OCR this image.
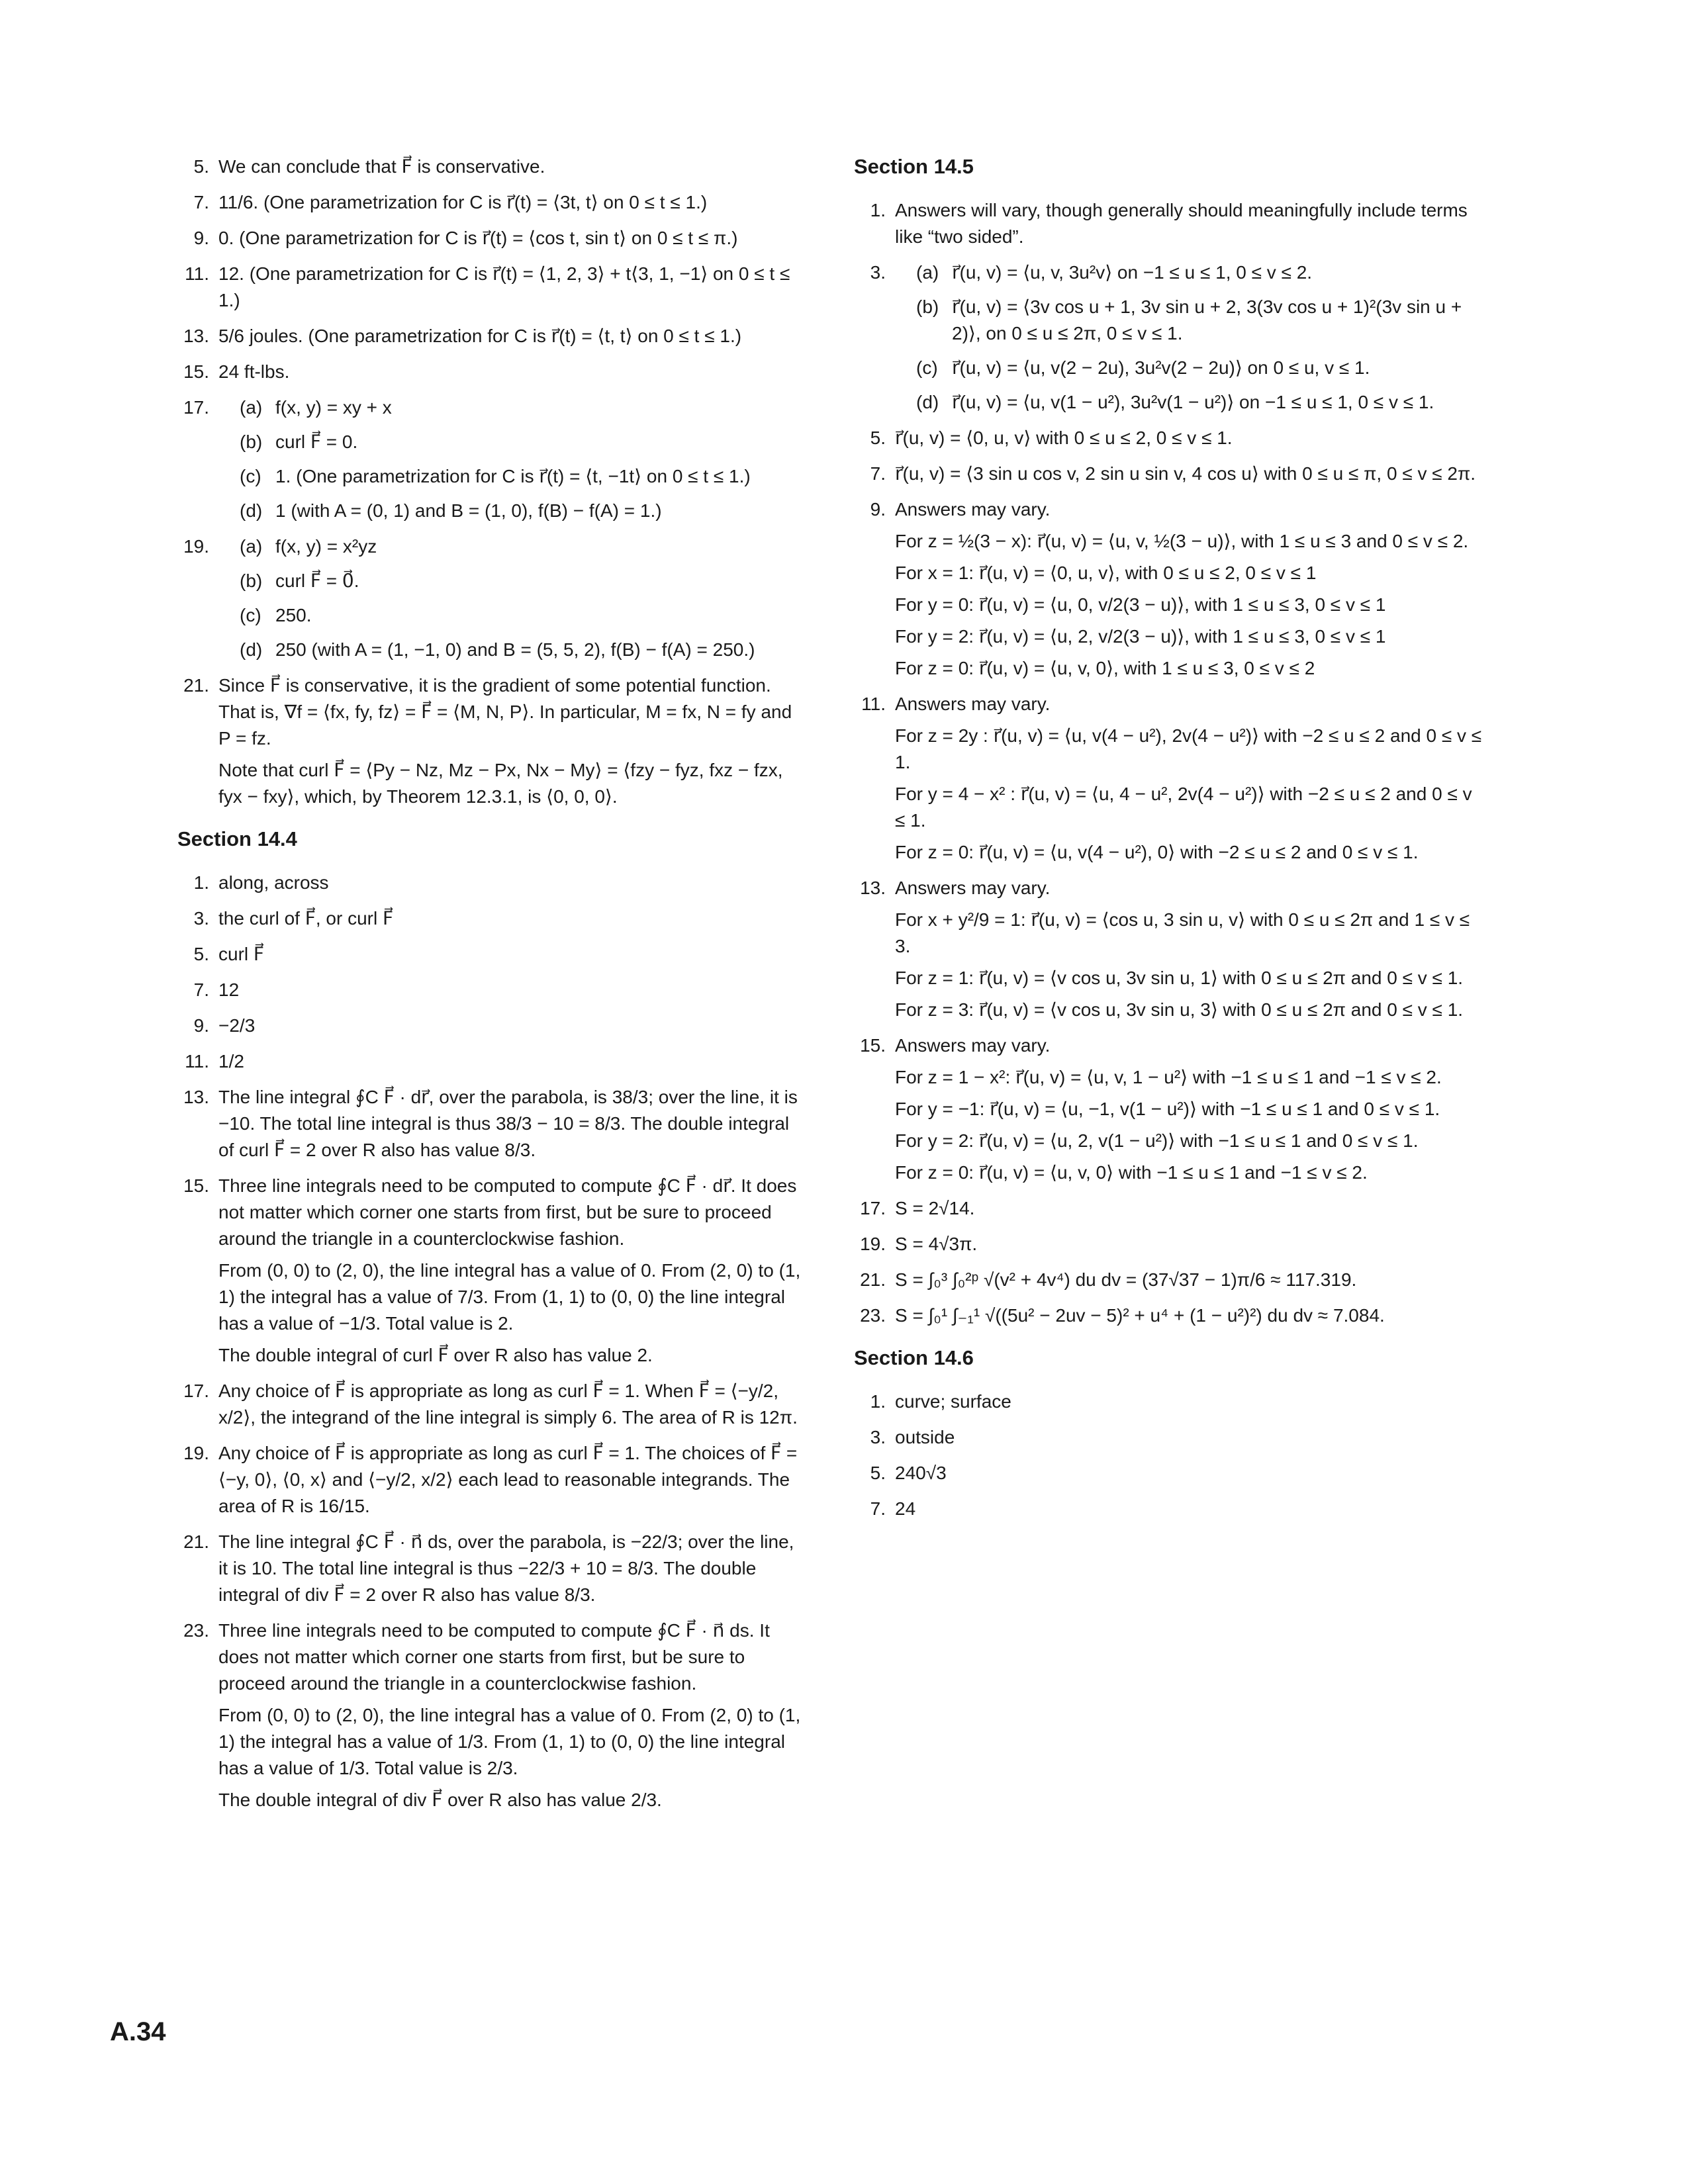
5. We can conclude that F⃗ is conservative.
7. 11/6. (One parametrization for C is r⃗(t) = ⟨3t, t⟩ on 0 ≤ t ≤ 1.)
9. 0. (One parametrization for C is r⃗(t) = ⟨cos t, sin t⟩ on 0 ≤ t ≤ π.)
11. 12. (One parametrization for C is r⃗(t) = ⟨1, 2, 3⟩ + t⟨3, 1, −1⟩ on 0 ≤ t ≤ 1.)
13. 5/6 joules. (One parametrization for C is r⃗(t) = ⟨t, t⟩ on 0 ≤ t ≤ 1.)
15. 24 ft-lbs.
17. (a) f(x, y) = xy + x
(b) curl F⃗ = 0.
(c) 1. (One parametrization for C is r⃗(t) = ⟨t, −1t⟩ on 0 ≤ t ≤ 1.)
(d) 1 (with A = (0, 1) and B = (1, 0), f(B) − f(A) = 1.)
19. (a) f(x, y) = x²yz
(b) curl F⃗ = 0⃗.
(c) 250.
(d) 250 (with A = (1, −1, 0) and B = (5, 5, 2), f(B) − f(A) = 250.)
21. Since F⃗ is conservative, it is the gradient of some potential function. That is, ∇f = ⟨fx, fy, fz⟩ = F⃗ = ⟨M, N, P⟩. In particular, M = fx, N = fy and P = fz.
Note that curl F⃗ = ⟨Py − Nz, Mz − Px, Nx − My⟩ = ⟨fzy − fyz, fxz − fzx, fyx − fxy⟩, which, by Theorem 12.3.1, is ⟨0, 0, 0⟩.
Section 14.4
1. along, across
3. the curl of F⃗, or curl F⃗
5. curl F⃗
7. 12
9. −2/3
11. 1/2
13. The line integral ∮C F⃗ · dr⃗, over the parabola, is 38/3; over the line, it is −10. The total line integral is thus 38/3 − 10 = 8/3. The double integral of curl F⃗ = 2 over R also has value 8/3.
15. Three line integrals need to be computed to compute ∮C F⃗ · dr⃗. It does not matter which corner one starts from first, but be sure to proceed around the triangle in a counterclockwise fashion.
From (0, 0) to (2, 0), the line integral has a value of 0. From (2, 0) to (1, 1) the integral has a value of 7/3. From (1, 1) to (0, 0) the line integral has a value of −1/3. Total value is 2.
The double integral of curl F⃗ over R also has value 2.
17. Any choice of F⃗ is appropriate as long as curl F⃗ = 1. When F⃗ = ⟨−y/2, x/2⟩, the integrand of the line integral is simply 6. The area of R is 12π.
19. Any choice of F⃗ is appropriate as long as curl F⃗ = 1. The choices of F⃗ = ⟨−y, 0⟩, ⟨0, x⟩ and ⟨−y/2, x/2⟩ each lead to reasonable integrands. The area of R is 16/15.
21. The line integral ∮C F⃗ · n⃗ ds, over the parabola, is −22/3; over the line, it is 10. The total line integral is thus −22/3 + 10 = 8/3. The double integral of div F⃗ = 2 over R also has value 8/3.
23. Three line integrals need to be computed to compute ∮C F⃗ · n⃗ ds. It does not matter which corner one starts from first, but be sure to proceed around the triangle in a counterclockwise fashion.
From (0, 0) to (2, 0), the line integral has a value of 0. From (2, 0) to (1, 1) the integral has a value of 1/3. From (1, 1) to (0, 0) the line integral has a value of 1/3. Total value is 2/3.
The double integral of div F⃗ over R also has value 2/3.
Section 14.5
1. Answers will vary, though generally should meaningfully include terms like “two sided”.
3. (a) r⃗(u, v) = ⟨u, v, 3u²v⟩ on −1 ≤ u ≤ 1, 0 ≤ v ≤ 2.
(b) r⃗(u, v) = ⟨3v cos u + 1, 3v sin u + 2, 3(3v cos u + 1)²(3v sin u + 2)⟩, on 0 ≤ u ≤ 2π, 0 ≤ v ≤ 1.
(c) r⃗(u, v) = ⟨u, v(2 − 2u), 3u²v(2 − 2u)⟩ on 0 ≤ u, v ≤ 1.
(d) r⃗(u, v) = ⟨u, v(1 − u²), 3u²v(1 − u²)⟩ on −1 ≤ u ≤ 1, 0 ≤ v ≤ 1.
5. r⃗(u, v) = ⟨0, u, v⟩ with 0 ≤ u ≤ 2, 0 ≤ v ≤ 1.
7. r⃗(u, v) = ⟨3 sin u cos v, 2 sin u sin v, 4 cos u⟩ with 0 ≤ u ≤ π, 0 ≤ v ≤ 2π.
9. Answers may vary.
For z = ½(3 − x): r⃗(u, v) = ⟨u, v, ½(3 − u)⟩, with 1 ≤ u ≤ 3 and 0 ≤ v ≤ 2.
For x = 1: r⃗(u, v) = ⟨0, u, v⟩, with 0 ≤ u ≤ 2, 0 ≤ v ≤ 1
For y = 0: r⃗(u, v) = ⟨u, 0, v/2(3 − u)⟩, with 1 ≤ u ≤ 3, 0 ≤ v ≤ 1
For y = 2: r⃗(u, v) = ⟨u, 2, v/2(3 − u)⟩, with 1 ≤ u ≤ 3, 0 ≤ v ≤ 1
For z = 0: r⃗(u, v) = ⟨u, v, 0⟩, with 1 ≤ u ≤ 3, 0 ≤ v ≤ 2
11. Answers may vary.
For z = 2y : r⃗(u, v) = ⟨u, v(4 − u²), 2v(4 − u²)⟩ with −2 ≤ u ≤ 2 and 0 ≤ v ≤ 1.
For y = 4 − x² : r⃗(u, v) = ⟨u, 4 − u², 2v(4 − u²)⟩ with −2 ≤ u ≤ 2 and 0 ≤ v ≤ 1.
For z = 0: r⃗(u, v) = ⟨u, v(4 − u²), 0⟩ with −2 ≤ u ≤ 2 and 0 ≤ v ≤ 1.
13. Answers may vary.
For x + y²/9 = 1: r⃗(u, v) = ⟨cos u, 3 sin u, v⟩ with 0 ≤ u ≤ 2π and 1 ≤ v ≤ 3.
For z = 1: r⃗(u, v) = ⟨v cos u, 3v sin u, 1⟩ with 0 ≤ u ≤ 2π and 0 ≤ v ≤ 1.
For z = 3: r⃗(u, v) = ⟨v cos u, 3v sin u, 3⟩ with 0 ≤ u ≤ 2π and 0 ≤ v ≤ 1.
15. Answers may vary.
For z = 1 − x²: r⃗(u, v) = ⟨u, v, 1 − u²⟩ with −1 ≤ u ≤ 1 and −1 ≤ v ≤ 2.
For y = −1: r⃗(u, v) = ⟨u, −1, v(1 − u²)⟩ with −1 ≤ u ≤ 1 and 0 ≤ v ≤ 1.
For y = 2: r⃗(u, v) = ⟨u, 2, v(1 − u²)⟩ with −1 ≤ u ≤ 1 and 0 ≤ v ≤ 1.
For z = 0: r⃗(u, v) = ⟨u, v, 0⟩ with −1 ≤ u ≤ 1 and −1 ≤ v ≤ 2.
17. S = 2√14.
19. S = 4√3π.
21. S = ∫₀³ ∫₀²ᵖ √(v² + 4v⁴) du dv = (37√37 − 1)π/6 ≈ 117.319.
23. S = ∫₀¹ ∫₋₁¹ √((5u² − 2uv − 5)² + u⁴ + (1 − u²)²) du dv ≈ 7.084.
Section 14.6
1. curve; surface
3. outside
5. 240√3
7. 24
A.34
